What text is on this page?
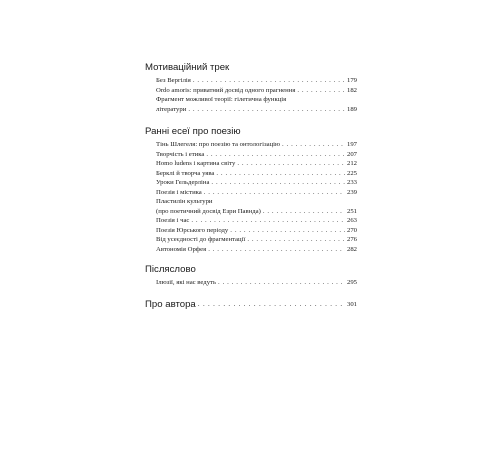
Мотиваційний трек
Без Вергілія . . .	179
Ordo amoris: приватний досвід одного прагнення . . .	182
Фрагмент можливої теорії: гілетична функція
літератури . . .	189
Ранні есеї про поезію
Тінь Шлегеля: про поезію та онтологізацію . . .	197
Творчість і етика . . .	207
Homo ludens і картина світу . . .	212
Берклі й творча уява . . .	225
Уроки Гельдерліна . . .	233
Поезія і містика . . .	239
Пластилін культури
(про поетичний досвід Езри Павнда) . . .	251
Поезія і час . . .	263
Поезія Юрського періоду . . .	270
Від усеєдності до фрагментації . . .	276
Автономія Орфея . . .	282
Післяслово
Ілюзії, які нас ведуть . . .	295
Про автора . . .	301
